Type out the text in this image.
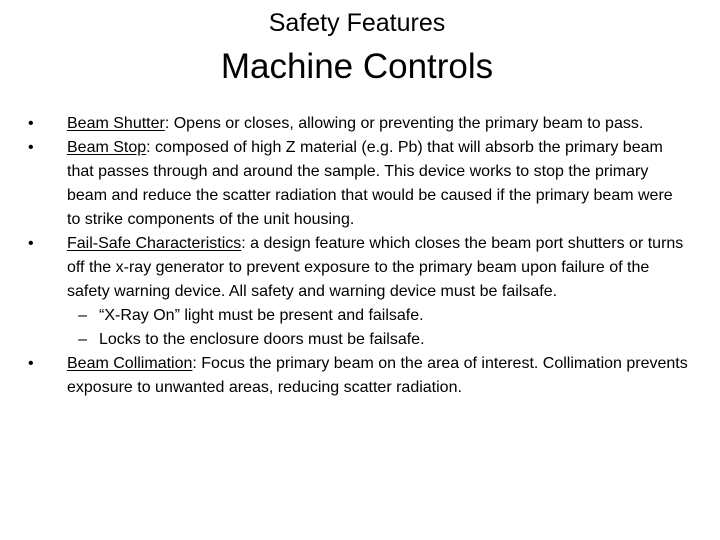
Safety Features
Machine Controls
•	Beam Shutter: Opens or closes, allowing or preventing the primary beam to pass.
•	Beam Stop: composed of high Z material (e.g. Pb) that will absorb the primary beam that passes through and around the sample. This device works to stop the primary beam and reduce the scatter radiation that would be caused if the primary beam were to strike components of the unit housing.
•	Fail-Safe Characteristics: a design feature which closes the beam port shutters or turns off the x-ray generator to prevent exposure to the primary beam upon failure of the safety warning device. All safety and warning device must be failsafe.
– “X-Ray On” light must be present and failsafe.
– Locks to the enclosure doors must be failsafe.
•	Beam Collimation: Focus the primary beam on the area of interest. Collimation prevents exposure to unwanted areas, reducing scatter radiation.
